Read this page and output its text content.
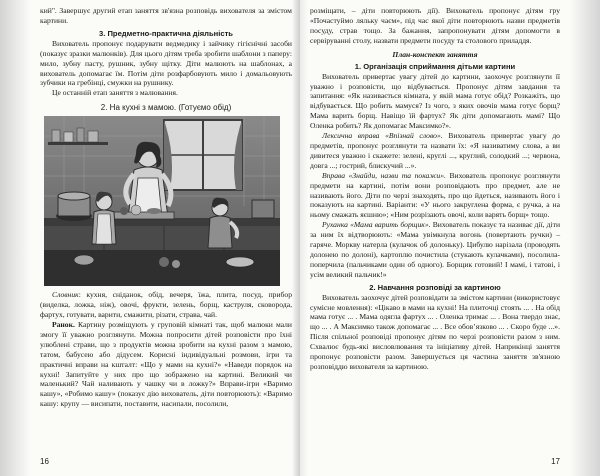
кий". Завершує другий етап заняття зв'язна розповідь вихователя за змістом картини.

3. Предметно-практична діяльність

Вихователь пропонує подарувати ведмедику і зайчику гігієнічні засоби (показує зразки малюнків). Для цього дітям треба зробити шаблони з паперу: мило, зубну пасту, рушник, зубну щітку. Діти малюють на шаблонах, а вихователь допомагає їм. Потім діти розфарбовують мило і домальовують зубчики на гребінці, смужки на рушнику.

Це останній етап заняття з малювання.

2. На кухні з мамою. (Готуємо обід)

Словник: кухня, сніданок, обід, вечеря, їжа, плита, посуд, прибор (виделка, ложка, ніж), овочі, фрукти, зелень, борщ, каструля, сковорода, фартух, готувати, варити, смажити, різати, страва, чай.

Ранок. Картину розміщують у груповій кімнаті так, щоб малюки мали змогу її уважно розглянути. Можна попросити дітей розповісти про їхні улюблені страви, що з продуктів можна зробити на кухні разом з мамою, татом, бабусею або дідусем. Корисні індивідуальні розмови, ігри та практичні вправи на кшталт: «Що у мами на кухні?» «Наведи порядок на кухні! Запитуйте у них про що зображено на картині. Великий чи маленький? Чай наливають у чашку чи в ложку?» Вправи-ігри «Варимо кашу», «Робимо кашу» (показує дію вихователь, діти повторюють): «Варимо кашу: крупу — висипати, поставити, насипали, посолили,

16

розміщати, – діти повторюють дії). Вихователь пропонує дітям гру «Почастуймо ляльку чаєм», під час якої діти повторюють назви предметів посуду, страв тощо. За бажання, запропонувати дітям допомогти в сервіруванні столу, назвати предмети посуду та столового приладдя.

План-конспект заняття
1. Організація сприймання дітьми картини

Вихователь привертає увагу дітей до картини, заохочує розглянути її уважно і розповісти, що відбувається. Пропонує дітям завдання та запитання: «Як називається кімната, у якій мама готує обід? Розкажіть, що відбувається. Що робить мамуся? Із чого, з яких овочів мама готує борщ? Мама варить борщ. Навіщо їй фартух? Як діти допомагають мамі? Що Оленка робить? Як допомагає Максимко?».

Лексична вправа «Впізнай слово». Вихователь привертає увагу до предметів, пропонує розглянути та назвати їх: «Я називатиму слова, а ви дивитеся уважно і скажете: зелені, круглі ..., круглий, солодкий ...; червона, довга ...; гострий, блискучий ...».

Вправа «Знайди, назви та покажи». Вихователь пропонує розглянути предмети на картині, потім вони розповідають про предмет, але не називають його. Діти по черзі знаходять, про що йдеться, називають його і показують на картині. Варіанти: «У нього закруглена форма, є ручка, а на ньому смажать яєшню»; «Ним розрізають овочі, коли варять борщ» тощо.

Руханка «Мама варить борщик». Вихователь показує та називає дії, діти за ним їх відтворюють: «Мама увімкнула вогонь (повертають ручки) – гаряче. Моркву натерла (кулачок об долоньку). Цибулю нарізала (проводять долонею по долоні), картоплю почистила (стукають кулачками), посолила-поперчила (пальчиками один об одного). Борщик готовий! І мамі, і татові, і усім великий пальчик!»

2. Навчання розповіді за картиною

Вихователь заохочує дітей розповідати за змістом картини (використовує сумісне мовлення): «Цікаво в мами на кухні! На плиточці стоять ... . На обід мама готує ... . Мама одягла фартух ... . Оленка тримає ... . Вона твердо знає, що ... . А Максимко також допомагає ... . Все обовʼязково ... . Скоро буде ...». Після спільної розповіді пропонує дітям по черзі розповісти разом з ним. Схвалює будь-які висловлювання та ініціативу дітей. Наприкінці заняття пропонує розповісти разом. Завершується ця частина заняття зв'язною розповіддю вихователя за картиною.

17
